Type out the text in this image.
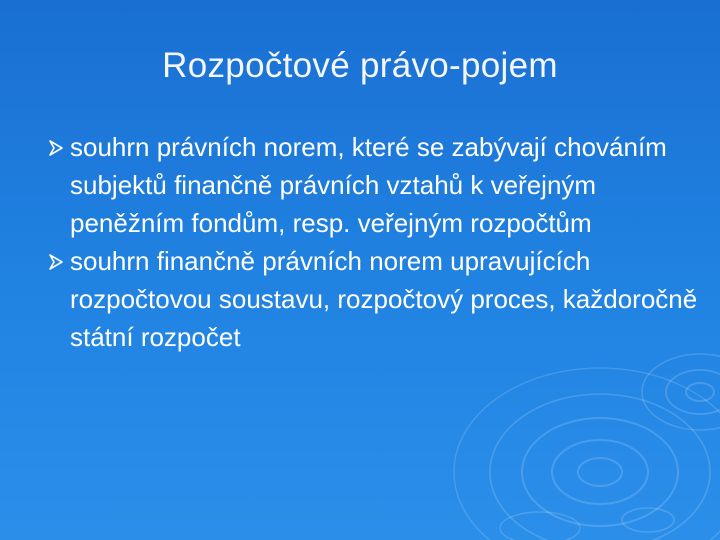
Rozpočtové právo-pojem
souhrn právních norem, které se zabývají chováním subjektů finančně právních vztahů k veřejným peněžním fondům, resp. veřejným rozpočtům
souhrn finančně právních norem upravujících rozpočtovou soustavu, rozpočtový proces, každoročně státní rozpočet
